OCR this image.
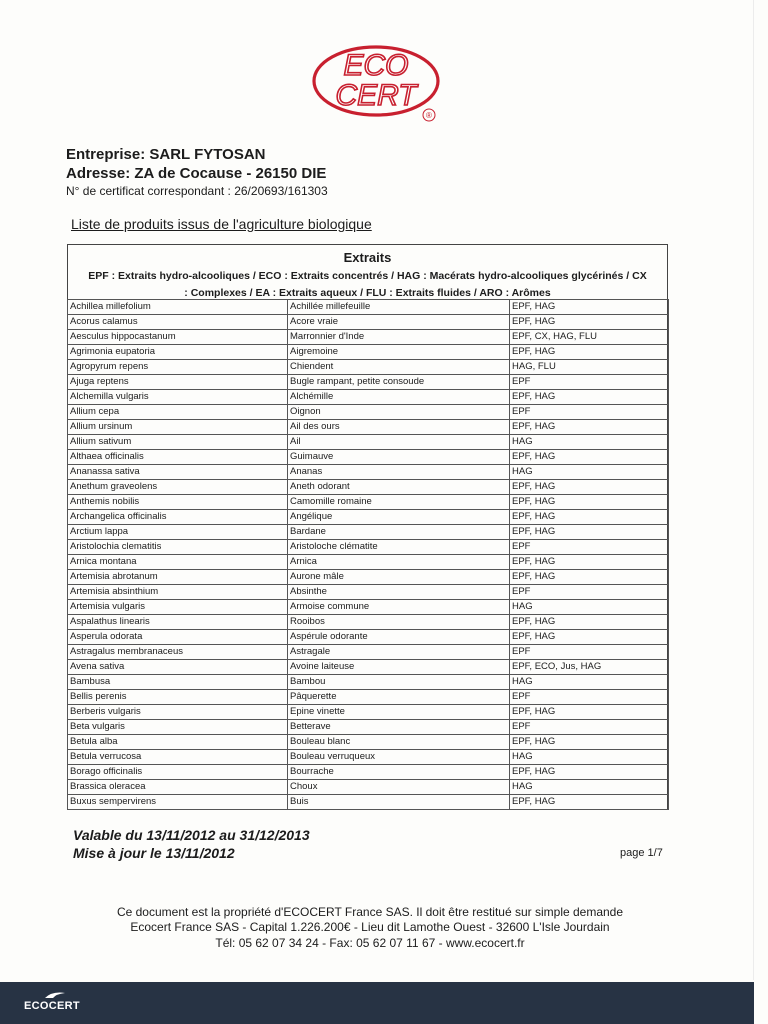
ECO
CERT
®
Entreprise: SARL FYTOSAN
Adresse: ZA de Cocause - 26150 DIE
N° de certificat correspondant : 26/20693/161303
Liste de produits issus de l'agriculture biologique
Extraits
EPF : Extraits hydro-alcooliques / ECO : Extraits concentrés / HAG : Macérats hydro-alcooliques glycérinés / CX
: Complexes / EA : Extraits aqueux / FLU : Extraits fluides / ARO : Arômes
Achillea millefolium	Achillée millefeuille	EPF, HAG
Acorus calamus	Acore vraie	EPF, HAG
Aesculus hippocastanum	Marronnier d'Inde	EPF, CX, HAG, FLU
Agrimonia eupatoria	Aigremoine	EPF, HAG
Agropyrum repens	Chiendent	HAG, FLU
Ajuga reptens	Bugle rampant, petite consoude	EPF
Alchemilla vulgaris	Alchémille	EPF, HAG
Allium cepa	Oignon	EPF
Allium ursinum	Ail des ours	EPF, HAG
Allium sativum	Ail	HAG
Althaea officinalis	Guimauve	EPF, HAG
Ananassa sativa	Ananas	HAG
Anethum graveolens	Aneth odorant	EPF, HAG
Anthemis nobilis	Camomille romaine	EPF, HAG
Archangelica officinalis	Angélique	EPF, HAG
Arctium lappa	Bardane	EPF, HAG
Aristolochia clematitis	Aristoloche clématite	EPF
Arnica montana	Arnica	EPF, HAG
Artemisia abrotanum	Aurone mâle	EPF, HAG
Artemisia absinthium	Absinthe	EPF
Artemisia vulgaris	Armoise commune	HAG
Aspalathus linearis	Rooibos	EPF, HAG
Asperula odorata	Aspérule odorante	EPF, HAG
Astragalus membranaceus	Astragale	EPF
Avena sativa	Avoine laiteuse	EPF, ECO, Jus, HAG
Bambusa	Bambou	HAG
Bellis perenis	Pâquerette	EPF
Berberis vulgaris	Epine vinette	EPF, HAG
Beta vulgaris	Betterave	EPF
Betula alba	Bouleau blanc	EPF, HAG
Betula verrucosa	Bouleau verruqueux	HAG
Borago officinalis	Bourrache	EPF, HAG
Brassica oleracea	Choux	HAG
Buxus sempervirens	Buis	EPF, HAG
Valable du 13/11/2012 au 31/12/2013
Mise à jour le 13/11/2012	page 1/7
Ce document est la propriété d'ECOCERT France SAS. Il doit être restitué sur simple demande
Ecocert France SAS - Capital 1.226.200€ - Lieu dit Lamothe Ouest - 32600 L'Isle Jourdain
Tél: 05 62 07 34 24 - Fax: 05 62 07 11 67 - www.ecocert.fr
ECOCERT
